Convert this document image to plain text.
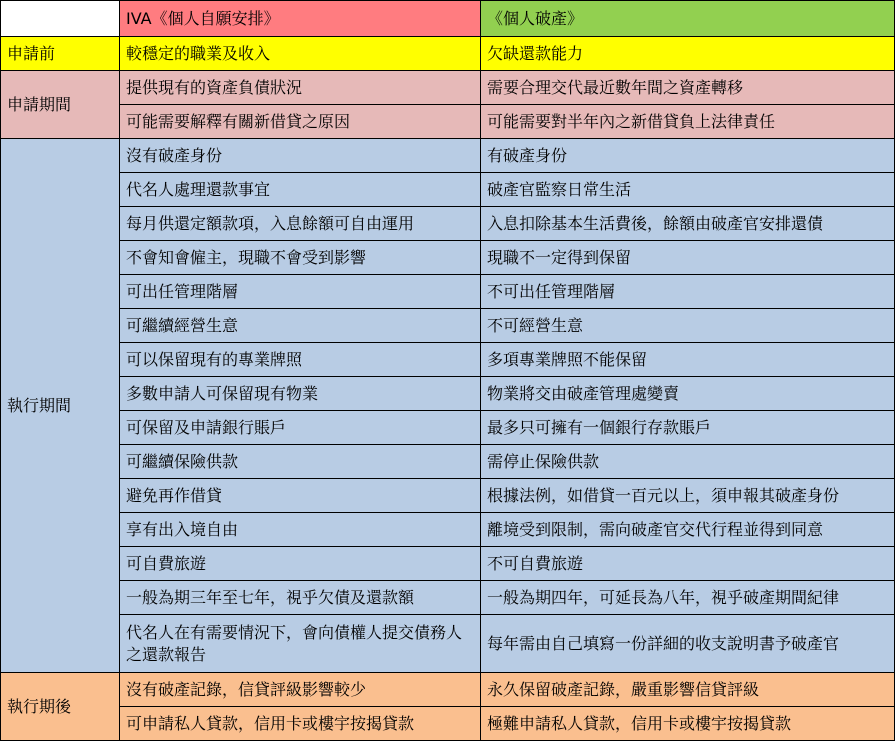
	IVA《個人自願安排》	《個人破產》
申請前	較穩定的職業及收入	欠缺還款能力
申請期間	提供現有的資產負債狀況	需要合理交代最近數年間之資產轉移
	可能需要解釋有關新借貸之原因	可能需要對半年內之新借貸負上法律責任
執行期間	沒有破產身份	有破產身份
	代名人處理還款事宜	破產官監察日常生活
	每月供還定額款項，入息餘額可自由運用	入息扣除基本生活費後，餘額由破產官安排還債
	不會知會僱主，現職不會受到影響	現職不一定得到保留
	可出任管理階層	不可出任管理階層
	可繼續經營生意	不可經營生意
	可以保留現有的專業牌照	多項專業牌照不能保留
	多數申請人可保留現有物業	物業將交由破產管理處變賣
	可保留及申請銀行賬戶	最多只可擁有一個銀行存款賬戶
	可繼續保險供款	需停止保險供款
	避免再作借貸	根據法例，如借貸一百元以上，須申報其破產身份
	享有出入境自由	離境受到限制，需向破產官交代行程並得到同意
	可自費旅遊	不可自費旅遊
	一般為期三年至七年，視乎欠債及還款額	一般為期四年，可延長為八年，視乎破產期間紀律
	代名人在有需要情況下，會向債權人提交債務人之還款報告	每年需由自己填寫一份詳細的收支說明書予破產官
執行期後	沒有破產記錄，信貸評級影響較少	永久保留破產記錄，嚴重影響信貸評級
	可申請私人貸款，信用卡或樓宇按揭貸款	極難申請私人貸款，信用卡或樓宇按揭貸款
